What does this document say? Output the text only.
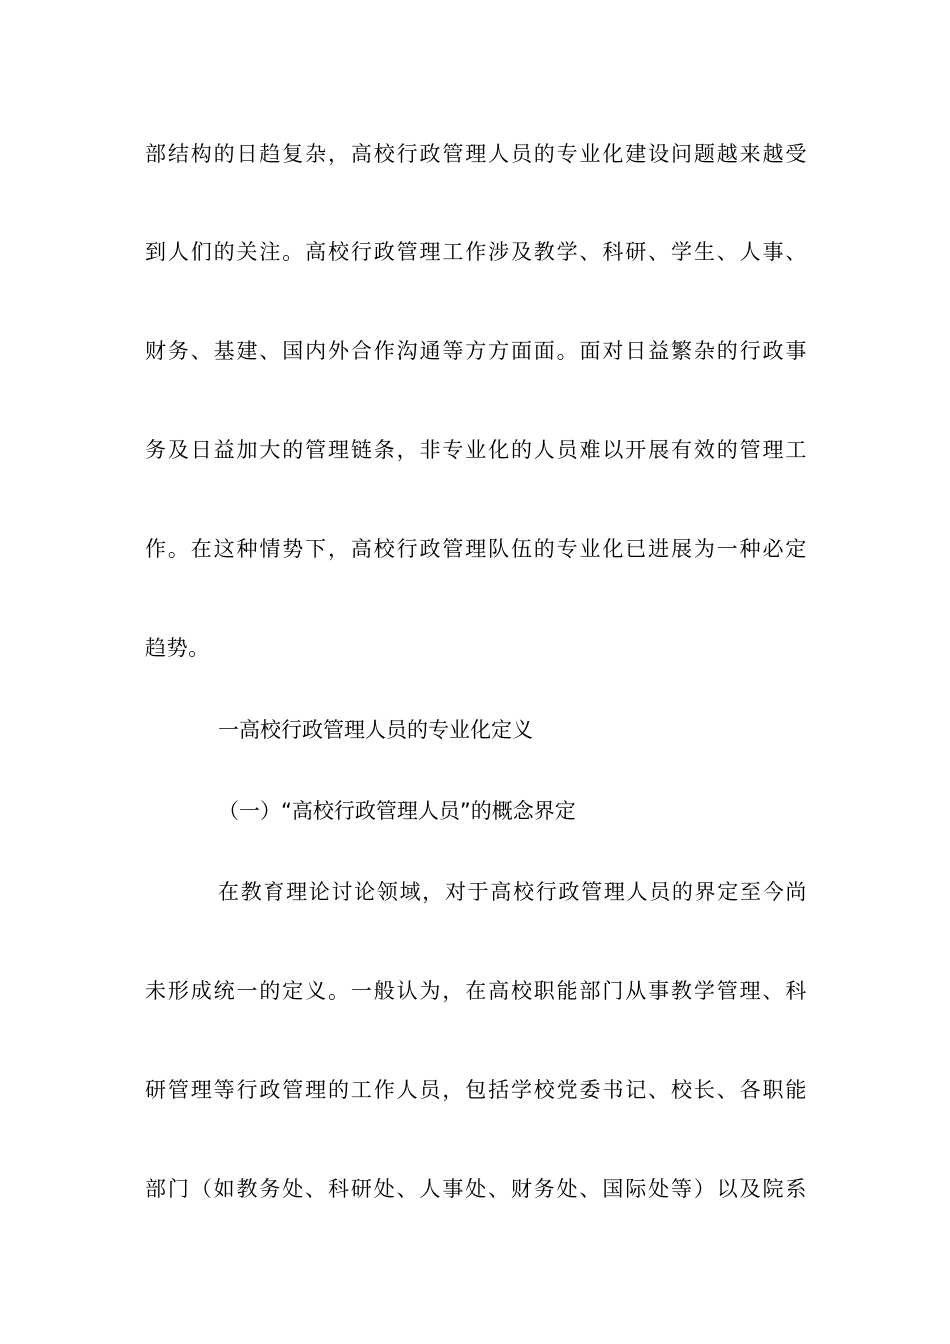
部结构的日趋复杂，高校行政管理人员的专业化建设问题越来越受
到人们的关注。高校行政管理工作涉及教学、科研、学生、人事、
财务、基建、国内外合作沟通等方方面面。面对日益繁杂的行政事
务及日益加大的管理链条，非专业化的人员难以开展有效的管理工
作。在这种情势下，高校行政管理队伍的专业化已进展为一种必定
趋势。
一高校行政管理人员的专业化定义
（一）“高校行政管理人员”的概念界定
在教育理论讨论领域，对于高校行政管理人员的界定至今尚
未形成统一的定义。一般认为，在高校职能部门从事教学管理、科
研管理等行政管理的工作人员，包括学校党委书记、校长、各职能
部门（如教务处、科研处、人事处、财务处、国际处等）以及院系
